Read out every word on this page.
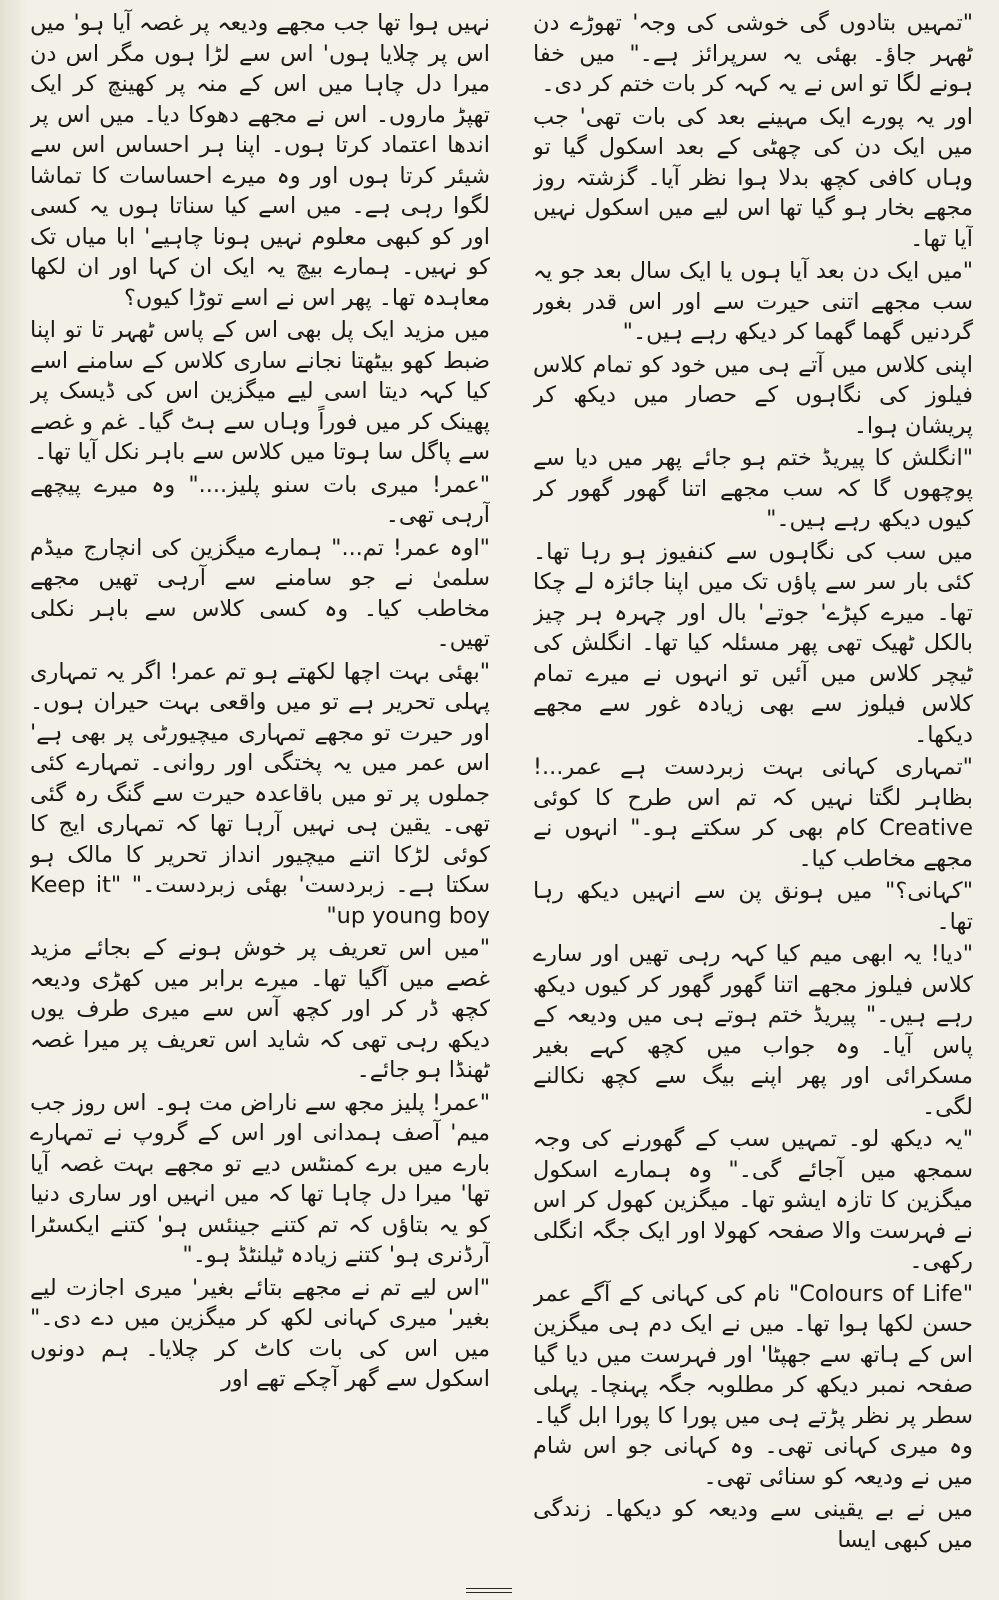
"تمہیں بتادوں گی خوشی کی وجہ' تھوڑے دن ٹھہر جاؤ۔ بھئی یہ سرپرائز ہے۔" میں خفا ہونے لگا تو اس نے یہ کہہ کر بات ختم کر دی۔

اور یہ پورے ایک مہینے بعد کی بات تھی' جب میں ایک دن کی چھٹی کے بعد اسکول گیا تو وہاں کافی کچھ بدلا ہوا نظر آیا۔ گزشتہ روز مجھے بخار ہو گیا تھا اس لیے میں اسکول نہیں آیا تھا۔

"میں ایک دن بعد آیا ہوں یا ایک سال بعد جو یہ سب مجھے اتنی حیرت سے اور اس قدر بغور گردنیں گھما گھما کر دیکھ رہے ہیں۔"

اپنی کلاس میں آتے ہی میں خود کو تمام کلاس فیلوز کی نگاہوں کے حصار میں دیکھ کر پریشان ہوا۔

"انگلش کا پیریڈ ختم ہو جائے پھر میں دیا سے پوچھوں گا کہ سب مجھے اتنا گھور گھور کر کیوں دیکھ رہے ہیں۔"

میں سب کی نگاہوں سے کنفیوز ہو رہا تھا۔ کئی بار سر سے پاؤں تک میں اپنا جائزہ لے چکا تھا۔ میرے کپڑے' جوتے' بال اور چہرہ ہر چیز بالکل ٹھیک تھی پھر مسئلہ کیا تھا۔ انگلش کی ٹیچر کلاس میں آئیں تو انہوں نے میرے تمام کلاس فیلوز سے بھی زیادہ غور سے مجھے دیکھا۔

"تمہاری کہانی بہت زبردست ہے عمر...! بظاہر لگتا نہیں کہ تم اس طرح کا کوئی Creative کام بھی کر سکتے ہو۔" انہوں نے مجھے مخاطب کیا۔

"کہانی؟" میں ہونق پن سے انہیں دیکھ رہا تھا۔

"دیا! یہ ابھی میم کیا کہہ رہی تھیں اور سارے کلاس فیلوز مجھے اتنا گھور گھور کر کیوں دیکھ رہے ہیں۔" پیریڈ ختم ہوتے ہی میں ودیعہ کے پاس آیا۔ وہ جواب میں کچھ کہے بغیر مسکرائی اور پھر اپنے بیگ سے کچھ نکالنے لگی۔

"یہ دیکھ لو۔ تمہیں سب کے گھورنے کی وجہ سمجھ میں آجائے گی۔" وہ ہمارے اسکول میگزین کا تازہ ایشو تھا۔ میگزین کھول کر اس نے فہرست والا صفحہ کھولا اور ایک جگہ انگلی رکھی۔

"Colours of Life" نام کی کہانی کے آگے عمر حسن لکھا ہوا تھا۔ میں نے ایک دم ہی میگزین اس کے ہاتھ سے جھپٹا' اور فہرست میں دیا گیا صفحہ نمبر دیکھ کر مطلوبہ جگہ پہنچا۔ پہلی سطر پر نظر پڑتے ہی میں پورا کا پورا ابل گیا۔ وہ میری کہانی تھی۔ وہ کہانی جو اس شام میں نے ودیعہ کو سنائی تھی۔

میں نے بے یقینی سے ودیعہ کو دیکھا۔ زندگی میں کبھی ایسا

نہیں ہوا تھا جب مجھے ودیعہ پر غصہ آیا ہو' میں اس پر چلایا ہوں' اس سے لڑا ہوں مگر اس دن میرا دل چاہا میں اس کے منہ پر کھینچ کر ایک تھپڑ ماروں۔ اس نے مجھے دھوکا دیا۔ میں اس پر اندھا اعتماد کرتا ہوں۔ اپنا ہر احساس اس سے شیئر کرتا ہوں اور وہ میرے احساسات کا تماشا لگوا رہی ہے۔ میں اسے کیا سناتا ہوں یہ کسی اور کو کبھی معلوم نہیں ہونا چاہیے' ابا میاں تک کو نہیں۔ ہمارے بیچ یہ ایک ان کہا اور ان لکھا معاہدہ تھا۔ پھر اس نے اسے توڑا کیوں؟

میں مزید ایک پل بھی اس کے پاس ٹھہر تا تو اپنا ضبط کھو بیٹھتا نجانے ساری کلاس کے سامنے اسے کیا کہہ دیتا اسی لیے میگزین اس کی ڈیسک پر پھینک کر میں فوراً وہاں سے ہٹ گیا۔ غم و غصے سے پاگل سا ہوتا میں کلاس سے باہر نکل آیا تھا۔

"عمر! میری بات سنو پلیز...." وہ میرے پیچھے آرہی تھی۔

"اوہ عمر! تم..." ہمارے میگزین کی انچارج میڈم سلمیٰ نے جو سامنے سے آرہی تھیں مجھے مخاطب کیا۔ وہ کسی کلاس سے باہر نکلی تھیں۔

"بھئی بہت اچھا لکھتے ہو تم عمر! اگر یہ تمہاری پہلی تحریر ہے تو میں واقعی بہت حیران ہوں۔ اور حیرت تو مجھے تمہاری میچیورٹی پر بھی ہے' اس عمر میں یہ پختگی اور روانی۔ تمہارے کئی جملوں پر تو میں باقاعدہ حیرت سے گنگ رہ گئی تھی۔ یقین ہی نہیں آرہا تھا کہ تمہاری ایج کا کوئی لڑکا اتنے میچیور انداز تحریر کا مالک ہو سکتا ہے۔ زبردست' بھئی زبردست۔" "Keep it up young boy"

"میں اس تعریف پر خوش ہونے کے بجائے مزید غصے میں آگیا تھا۔ میرے برابر میں کھڑی ودیعہ کچھ ڈر کر اور کچھ آس سے میری طرف یوں دیکھ رہی تھی کہ شاید اس تعریف پر میرا غصہ ٹھنڈا ہو جائے۔

"عمر! پلیز مجھ سے ناراض مت ہو۔ اس روز جب میم' آصف ہمدانی اور اس کے گروپ نے تمہارے بارے میں برے کمنٹس دیے تو مجھے بہت غصہ آیا تھا' میرا دل چاہا تھا کہ میں انہیں اور ساری دنیا کو یہ بتاؤں کہ تم کتنے جینئس ہو' کتنے ایکسٹرا آرڈنری ہو' کتنے زیادہ ٹیلنٹڈ ہو۔"

"اس لیے تم نے مجھے بتائے بغیر' میری اجازت لیے بغیر' میری کہانی لکھ کر میگزین میں دے دی۔" میں اس کی بات کاٹ کر چلایا۔ ہم دونوں اسکول سے گھر آچکے تھے اور
